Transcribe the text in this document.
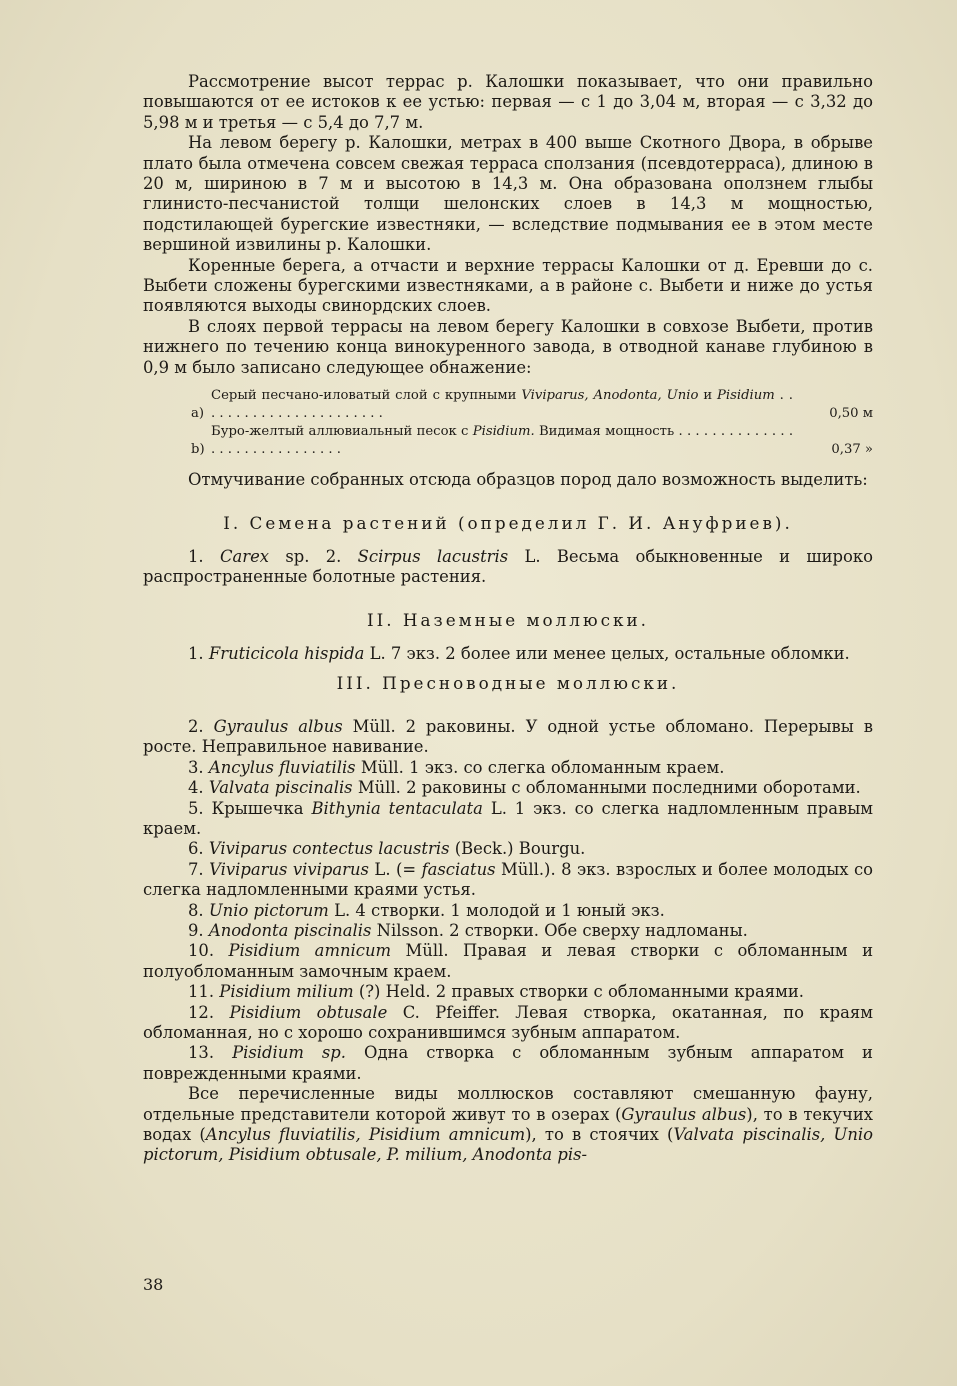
Рассмотрение высот террас р. Калошки показывает, что они правильно повышаются от ее истоков к ее устью: первая — с 1 до 3,04 м, вторая — с 3,32 до 5,98 м и третья — с 5,4 до 7,7 м.

На левом берегу р. Калошки, метрах в 400 выше Скотного Двора, в обрыве плато была отмечена совсем свежая терраса сползания (псевдотерраса), длиною в 20 м, шириною в 7 м и высотою в 14,3 м. Она образована оползнем глыбы глинисто-песчанистой толщи шелонских слоев в 14,3 м мощностью, подстилающей бурегские известняки, — вследствие подмывания ее в этом месте вершиной извилины р. Калошки.

Коренные берега, а отчасти и верхние террасы Калошки от д. Еревши до с. Выбети сложены бурегскими известняками, а в районе с. Выбети и ниже до устья появляются выходы свинордских слоев.

В слоях первой террасы на левом берегу Калошки в совхозе Выбети, против нижнего по течению конца винокуренного завода, в отводной канаве глубиною в 0,9 м было записано следующее обнажение:

a)
Серый песчано-иловатый слой с крупными Viviparus, Anodonta, Unio и Pisidium . . . . . . . . . . . . . . . . . . . . . . .	0,50 м
b)
Буро-желтый аллювиальный песок с Pisidium. Видимая мощность . . . . . . . . . . . . . . . . . . . . . . . . . . . . . .	0,37 »

Отмучивание собранных отсюда образцов пород дало возможность выделить:

I. Семена растений (определил Г. И. Ануфриев).

1. Carex sp. 2. Scirpus lacustris L. Весьма обыкновенные и широко распространенные болотные растения.

II. Наземные моллюски.

1. Fruticicola hispida L. 7 экз. 2 более или менее целых, остальные обломки.

III. Пресноводные моллюски.

2. Gyraulus albus Müll. 2 раковины. У одной устье обломано. Перерывы в росте. Неправильное навивание.

3. Ancylus fluviatilis Müll. 1 экз. со слегка обломанным краем.

4. Valvata piscinalis Müll. 2 раковины с обломанными последними оборотами.

5. Крышечка Bithynia tentaculata L. 1 экз. со слегка надломленным правым краем.

6. Viviparus contectus lacustris (Beck.) Bourgu.

7. Viviparus viviparus L. (= fasciatus Müll.). 8 экз. взрослых и более молодых со слегка надломленными краями устья.

8. Unio pictorum L. 4 створки. 1 молодой и 1 юный экз.

9. Anodonta piscinalis Nilsson. 2 створки. Обе сверху надломаны.

10. Pisidium amnicum Müll. Правая и левая створки с обломанным и полуобломанным замочным краем.

11. Pisidium milium (?) Held. 2 правых створки с обломанными краями.

12. Pisidium obtusale C. Pfeiffer. Левая створка, окатанная, по краям обломанная, но с хорошо сохранившимся зубным аппаратом.

13. Pisidium sp. Одна створка с обломанным зубным аппаратом и поврежденными краями.

Все перечисленные виды моллюсков составляют смешанную фауну, отдельные представители которой живут то в озерах (Gyraulus albus), то в текучих водах (Ancylus fluviatilis, Pisidium amnicum), то в стоячих (Valvata piscinalis, Unio pictorum, Pisidium obtusale, P. milium, Anodonta pis-

38
